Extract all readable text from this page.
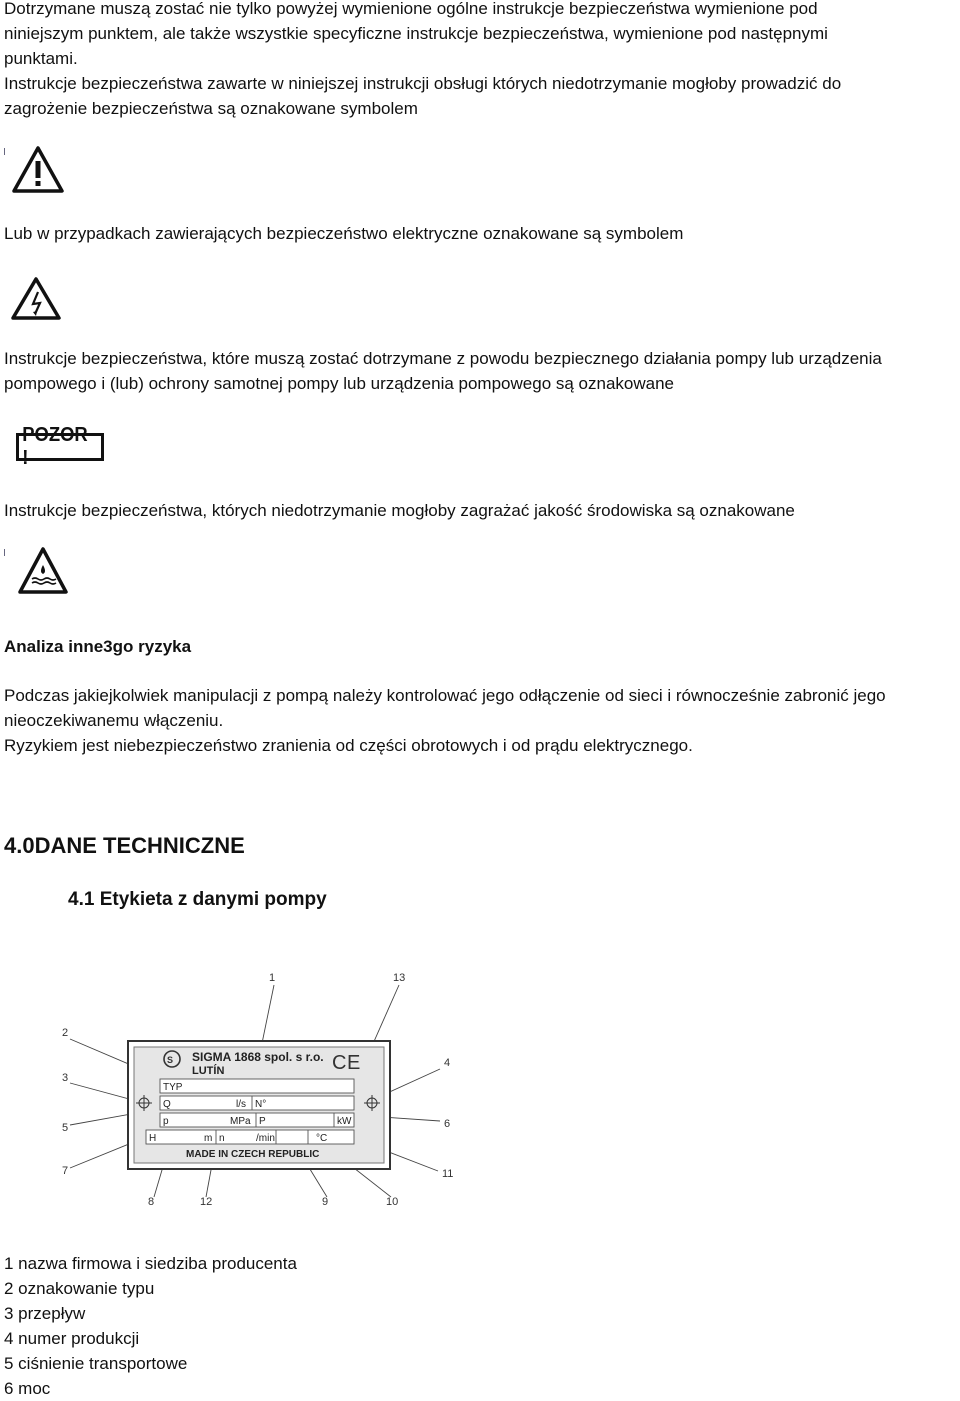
Dotrzymane muszą zostać nie tylko powyżej wymienione ogólne instrukcje bezpieczeństwa wymienione pod
niniejszym punktem, ale także wszystkie specyficzne instrukcje bezpieczeństwa, wymienione pod następnymi
punktami.
Instrukcje bezpieczeństwa zawarte w niniejszej instrukcji obsługi których niedotrzymanie mogłoby prowadzić do
zagrożenie bezpieczeństwa są oznakowane symbolem
Lub w przypadkach zawierających bezpieczeństwo elektryczne oznakowane są symbolem
Instrukcje bezpieczeństwa, które muszą zostać dotrzymane z powodu bezpiecznego działania pompy lub urządzenia
pompowego i (lub) ochrony samotnej pompy lub urządzenia pompowego są oznakowane
POZOR !
Instrukcje bezpieczeństwa, których niedotrzymanie mogłoby zagrażać jakość środowiska są oznakowane
Analiza inne3go ryzyka
Podczas jakiejkolwiek manipulacji z pompą należy kontrolować jego odłączenie od sieci i równocześnie zabronić jego
nieoczekiwanemu włączeniu.
Ryzykiem jest niebezpieczeństwo zranienia od części obrotowych i od prądu elektrycznego.
4.0DANE TECHNICZNE
4.1 Etykieta z danymi pompy
1	13
2
4
3
5	6
7	11
8	12	9	10
S SIGMA 1868 spol. s r.o.
LUTÍN	C E
TYP
Q	l/s N°
p	MPa P	kW
H	m n	/min	°C
MADE IN CZECH REPUBLIC
1 nazwa firmowa i siedziba producenta
2 oznakowanie typu
3 przepływ
4 numer produkcji
5 ciśnienie transportowe
6 moc
